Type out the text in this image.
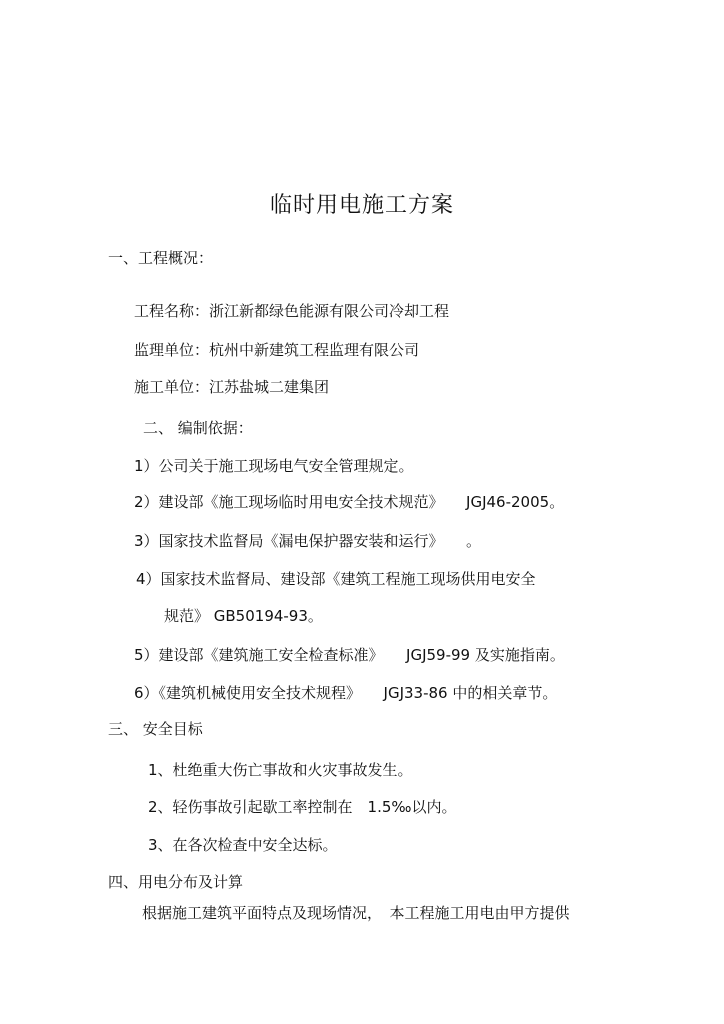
临时用电施工方案
一、工程概况：
工程名称：浙江新都绿色能源有限公司冷却工程
监理单位：杭州中新建筑工程监理有限公司
施工单位：江苏盐城二建集团
二、 编制依据：
1）公司关于施工现场电气安全管理规定。
2）建设部《施工现场临时用电安全技术规范》　　JGJ46-2005。
3）国家技术监督局《漏电保护器安装和运行》　　。
4）国家技术监督局、建设部《建筑工程施工现场供用电安全
规范》 GB50194-93。
5）建设部《建筑施工安全检查标准》　　JGJ59-99 及实施指南。
6）《建筑机械使用安全技术规程》　　JGJ33-86 中的相关章节。
三、 安全目标
1、杜绝重大伤亡事故和火灾事故发生。
2、轻伤事故引起歇工率控制在　1.5‰以内。
3、在各次检查中安全达标。
四、用电分布及计算
根据施工建筑平面特点及现场情况，　本工程施工用电由甲方提供
